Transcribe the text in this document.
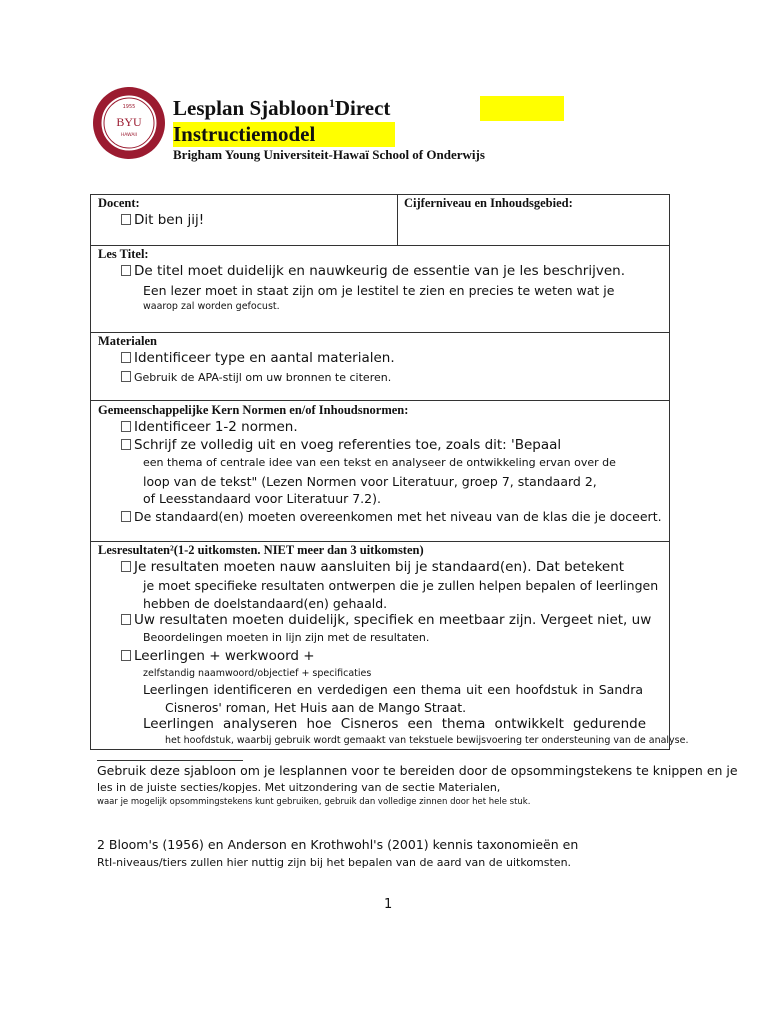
1955
BYU
HAWAII
Lesplan Sjabloon$^1$Direct
Instructiemodel
Brigham Young Universiteit-Hawaï School of Onderwijs
Docent:
Dit ben jij!
Cijferniveau en Inhoudsgebied:
Les Titel:
De titel moet duidelijk en nauwkeurig de essentie van je les beschrijven.
Een lezer moet in staat zijn om je lestitel te zien en precies te weten wat je
waarop zal worden gefocust.
Materialen
Identificeer type en aantal materialen.
Gebruik de APA-stijl om uw bronnen te citeren.
Gemeenschappelijke Kern Normen en/of Inhoudsnormen:
Identificeer 1-2 normen.
Schrijf ze volledig uit en voeg referenties toe, zoals dit: 'Bepaal
een thema of centrale idee van een tekst en analyseer de ontwikkeling ervan over de
loop van de tekst" (Lezen Normen voor Literatuur, groep 7, standaard 2,
of Leesstandaard voor Literatuur 7.2).
De standaard(en) moeten overeenkomen met het niveau van de klas die je doceert.
Lesresultaten²(1-2 uitkomsten. NIET meer dan 3 uitkomsten)
Je resultaten moeten nauw aansluiten bij je standaard(en). Dat betekent
je moet specifieke resultaten ontwerpen die je zullen helpen bepalen of leerlingen
hebben de doelstandaard(en) gehaald.
Uw resultaten moeten duidelijk, specifiek en meetbaar zijn. Vergeet niet, uw
Beoordelingen moeten in lijn zijn met de resultaten.
Leerlingen + werkwoord +
zelfstandig naamwoord/objectief + specificaties
Leerlingen identificeren en verdedigen een thema uit een hoofdstuk in Sandra
Cisneros' roman, Het Huis aan de Mango Straat.
Leerlingen analyseren hoe Cisneros een thema ontwikkelt gedurende
het hoofdstuk, waarbij gebruik wordt gemaakt van tekstuele bewijsvoering ter ondersteuning van de analyse.
Gebruik deze sjabloon om je lesplannen voor te bereiden door de opsommingstekens te knippen en je
les in de juiste secties/kopjes. Met uitzondering van de sectie Materialen,
waar je mogelijk opsommingstekens kunt gebruiken, gebruik dan volledige zinnen door het hele stuk.
2 Bloom's (1956) en Anderson en Krothwohl's (2001) kennis taxonomieën en
RtI-niveaus/tiers zullen hier nuttig zijn bij het bepalen van de aard van de uitkomsten.
1
